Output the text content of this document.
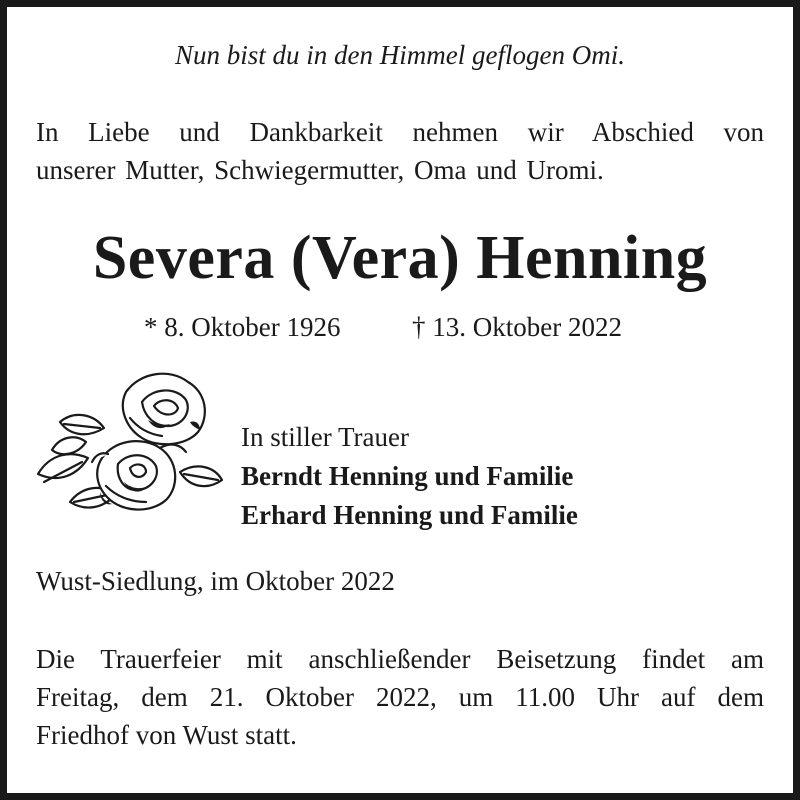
Nun bist du in den Himmel geflogen Omi.
In Liebe und Dankbarkeit nehmen wir Abschied von
unserer Mutter, Schwiegermutter, Oma und Uromi.
Severa (Vera) Henning
* 8. Oktober 1926	† 13. Oktober 2022
In stiller Trauer
Berndt Henning und Familie
Erhard Henning und Familie
Wust-Siedlung, im Oktober 2022
Die Trauerfeier mit anschließender Beisetzung findet am
Freitag, dem 21. Oktober 2022, um 11.00 Uhr auf dem
Friedhof von Wust statt.
